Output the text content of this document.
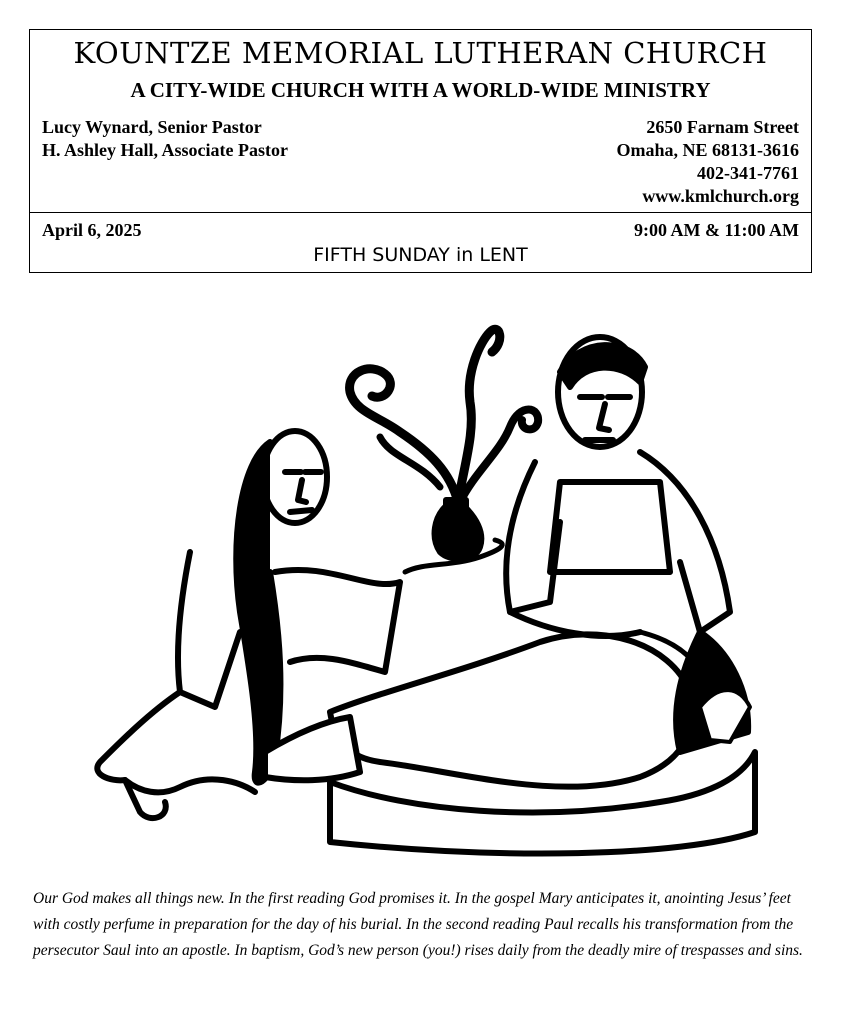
KOUNTZE MEMORIAL LUTHERAN CHURCH

A CITY-WIDE CHURCH WITH A WORLD-WIDE MINISTRY

Lucy Wynard, Senior Pastor
H. Ashley Hall, Associate Pastor
2650 Farnam Street
Omaha, NE 68131-3616
402-341-7761
www.kmlchurch.org
April 6, 2025	9:00 AM & 11:00 AM
FIFTH SUNDAY in LENT

Our God makes all things new. In the first reading God promises it. In the gospel Mary anticipates it, anointing Jesus’ feet with costly perfume in preparation for the day of his burial. In the second reading Paul recalls his transformation from the persecutor Saul into an apostle. In baptism, God’s new person (you!) rises daily from the deadly mire of trespasses and sins.
